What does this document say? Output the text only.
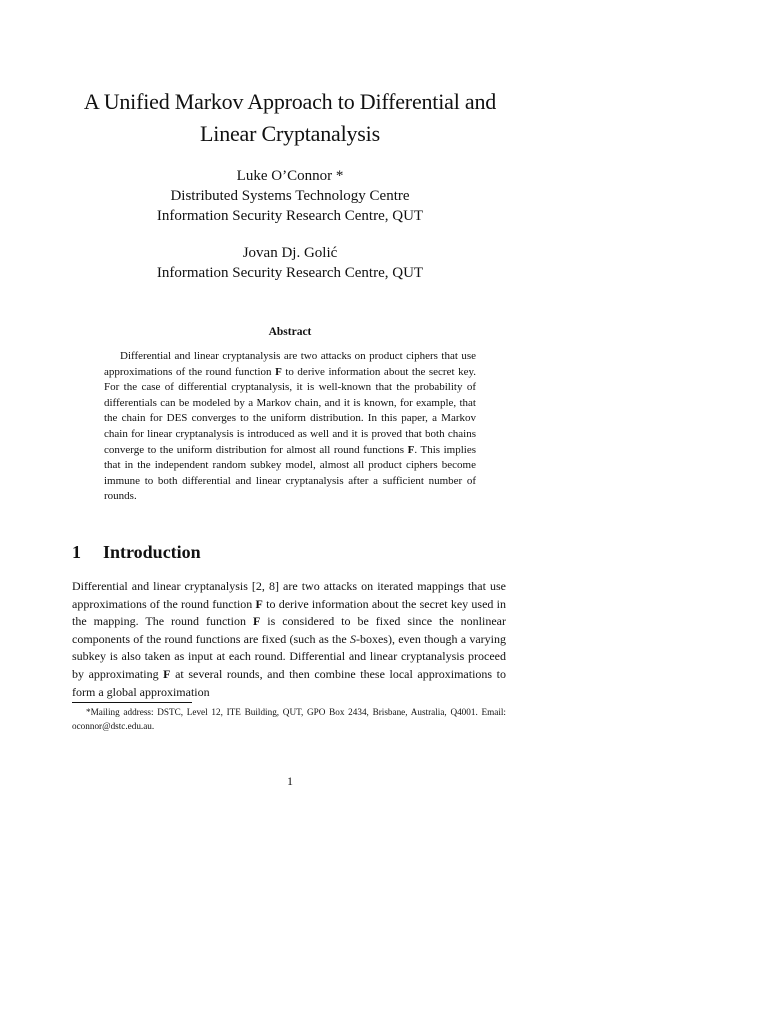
A Unified Markov Approach to Differential and
Linear Cryptanalysis
Luke O’Connor *
Distributed Systems Technology Centre
Information Security Research Centre, QUT
Jovan Dj. Golić
Information Security Research Centre, QUT
Abstract
Differential and linear cryptanalysis are two attacks on product ciphers that use approximations of the round function F to derive information about the secret key. For the case of differential cryptanalysis, it is well-known that the probability of differentials can be modeled by a Markov chain, and it is known, for example, that the chain for DES converges to the uniform distribution. In this paper, a Markov chain for linear cryptanalysis is introduced as well and it is proved that both chains converge to the uniform distribution for almost all round functions F. This implies that in the independent random subkey model, almost all product ciphers become immune to both differential and linear cryptanalysis after a sufficient number of rounds.
1 Introduction
Differential and linear cryptanalysis [2, 8] are two attacks on iterated mappings that use approximations of the round function F to derive information about the secret key used in the mapping. The round function F is considered to be fixed since the nonlinear components of the round functions are fixed (such as the S-boxes), even though a varying subkey is also taken as input at each round. Differential and linear cryptanalysis proceed by approximating F at several rounds, and then combine these local approximations to form a global approximation
*Mailing address: DSTC, Level 12, ITE Building, QUT, GPO Box 2434, Brisbane, Australia, Q4001. Email: oconnor@dstc.edu.au.
1
